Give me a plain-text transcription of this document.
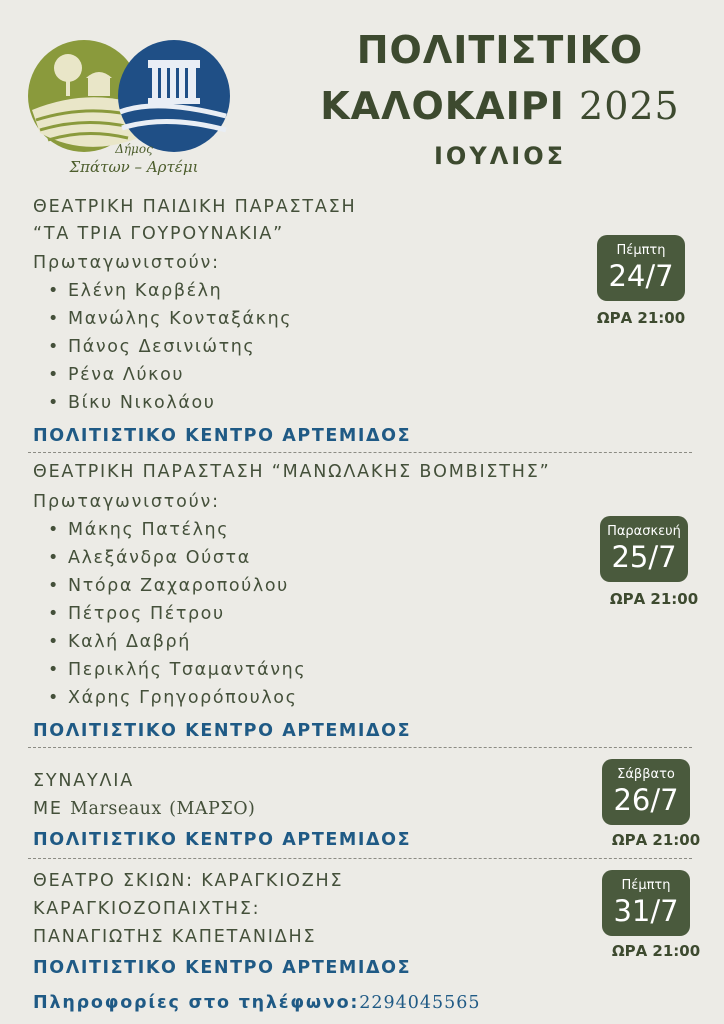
Δήμος
Σπάτων – Αρτέμι
ΠΟΛΙΤΙΣΤΙΚΟ
ΚΑΛΟΚΑΙΡΙ 2025
ΙΟΥΛΙΟΣ
ΘΕΑΤΡΙΚΗ ΠΑΙΔΙΚΗ ΠΑΡΑΣΤΑΣΗ
“ΤΑ ΤΡΙΑ ΓΟΥΡΟΥΝΑΚΙΑ”
Πρωταγωνιστούν:
• Ελένη Καρβέλη
• Μανώλης Κονταξάκης
• Πάνος Δεσινιώτης
• Ρένα Λύκου
• Βίκυ Νικολάου
ΠΟΛΙΤΙΣΤΙΚΟ ΚΕΝΤΡΟ ΑΡΤΕΜΙΔΟΣ
Πέμπτη
24/7
ΩΡΑ 21:00
ΘΕΑΤΡΙΚΗ ΠΑΡΑΣΤΑΣΗ “ΜΑΝΩΛΑΚΗΣ ΒΟΜΒΙΣΤΗΣ”
Πρωταγωνιστούν:
• Μάκης Πατέλης
• Αλεξάνδρα Ούστα
• Ντόρα Ζαχαροπούλου
• Πέτρος Πέτρου
• Καλή Δαβρή
• Περικλής Τσαμαντάνης
• Χάρης Γρηγορόπουλος
ΠΟΛΙΤΙΣΤΙΚΟ ΚΕΝΤΡΟ ΑΡΤΕΜΙΔΟΣ
Παρασκευή
25/7
ΩΡΑ 21:00
ΣΥΝΑΥΛΙΑ
ΜΕ Marseaux (ΜΑΡΣΟ)
ΠΟΛΙΤΙΣΤΙΚΟ ΚΕΝΤΡΟ ΑΡΤΕΜΙΔΟΣ
Σάββατο
26/7
ΩΡΑ 21:00
ΘΕΑΤΡΟ ΣΚΙΩΝ: ΚΑΡΑΓΚΙΟΖΗΣ
ΚΑΡΑΓΚΙΟΖΟΠΑΙΧΤΗΣ:
ΠΑΝΑΓΙΩΤΗΣ ΚΑΠΕΤΑΝΙΔΗΣ
ΠΟΛΙΤΙΣΤΙΚΟ ΚΕΝΤΡΟ ΑΡΤΕΜΙΔΟΣ
Πέμπτη
31/7
ΩΡΑ 21:00
Πληροφορίες στο τηλέφωνο:2294045565
